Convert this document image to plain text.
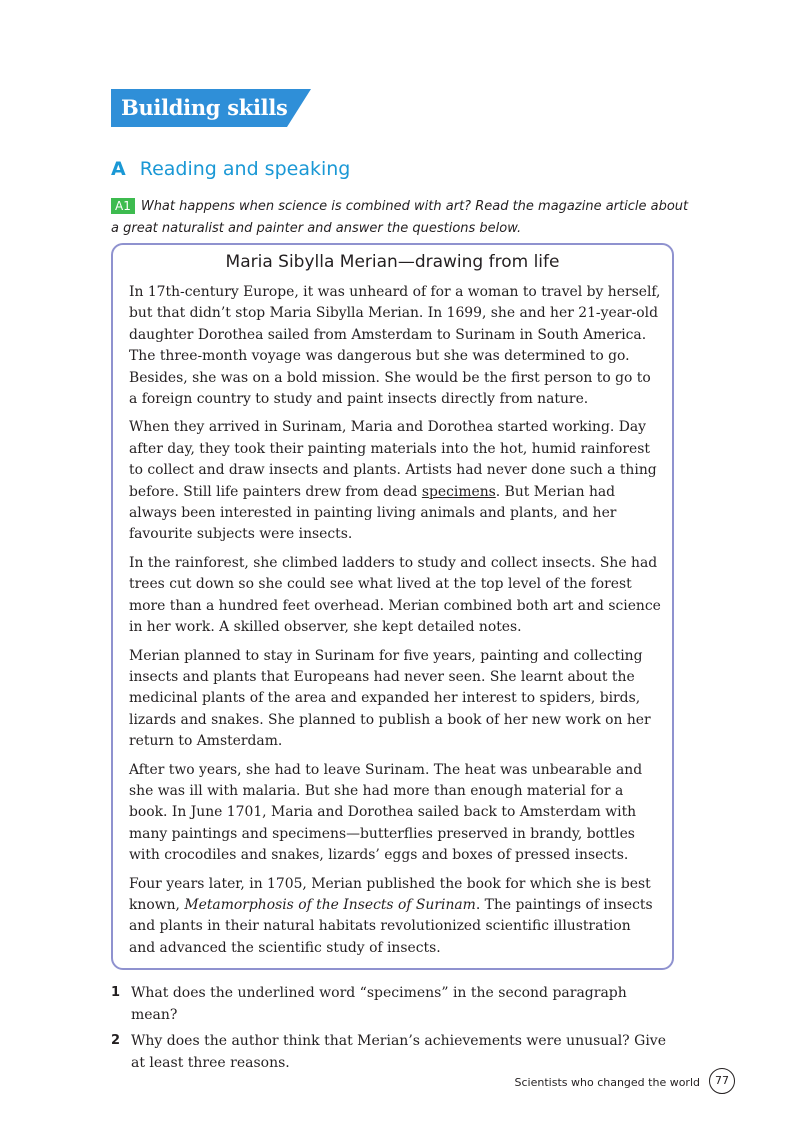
Building skills
A Reading and speaking
A1 What happens when science is combined with art? Read the magazine article about a great naturalist and painter and answer the questions below.
Maria Sibylla Merian—drawing from life

In 17th-century Europe, it was unheard of for a woman to travel by herself, but that didn’t stop Maria Sibylla Merian. In 1699, she and her 21-year-old daughter Dorothea sailed from Amsterdam to Surinam in South America. The three-month voyage was dangerous but she was determined to go. Besides, she was on a bold mission. She would be the first person to go to a foreign country to study and paint insects directly from nature.

When they arrived in Surinam, Maria and Dorothea started working. Day after day, they took their painting materials into the hot, humid rainforest to collect and draw insects and plants. Artists had never done such a thing before. Still life painters drew from dead specimens. But Merian had always been interested in painting living animals and plants, and her favourite subjects were insects.

In the rainforest, she climbed ladders to study and collect insects. She had trees cut down so she could see what lived at the top level of the forest more than a hundred feet overhead. Merian combined both art and science in her work. A skilled observer, she kept detailed notes.

Merian planned to stay in Surinam for five years, painting and collecting insects and plants that Europeans had never seen. She learnt about the medicinal plants of the area and expanded her interest to spiders, birds, lizards and snakes. She planned to publish a book of her new work on her return to Amsterdam.

After two years, she had to leave Surinam. The heat was unbearable and she was ill with malaria. But she had more than enough material for a book. In June 1701, Maria and Dorothea sailed back to Amsterdam with many paintings and specimens—butterflies preserved in brandy, bottles with crocodiles and snakes, lizards’ eggs and boxes of pressed insects.

Four years later, in 1705, Merian published the book for which she is best known, Metamorphosis of the Insects of Surinam. The paintings of insects and plants in their natural habitats revolutionized scientific illustration and advanced the scientific study of insects.

1 What does the underlined word “specimens” in the second paragraph mean?
2 Why does the author think that Merian’s achievements were unusual? Give at least three reasons.
Scientists who changed the world	77
